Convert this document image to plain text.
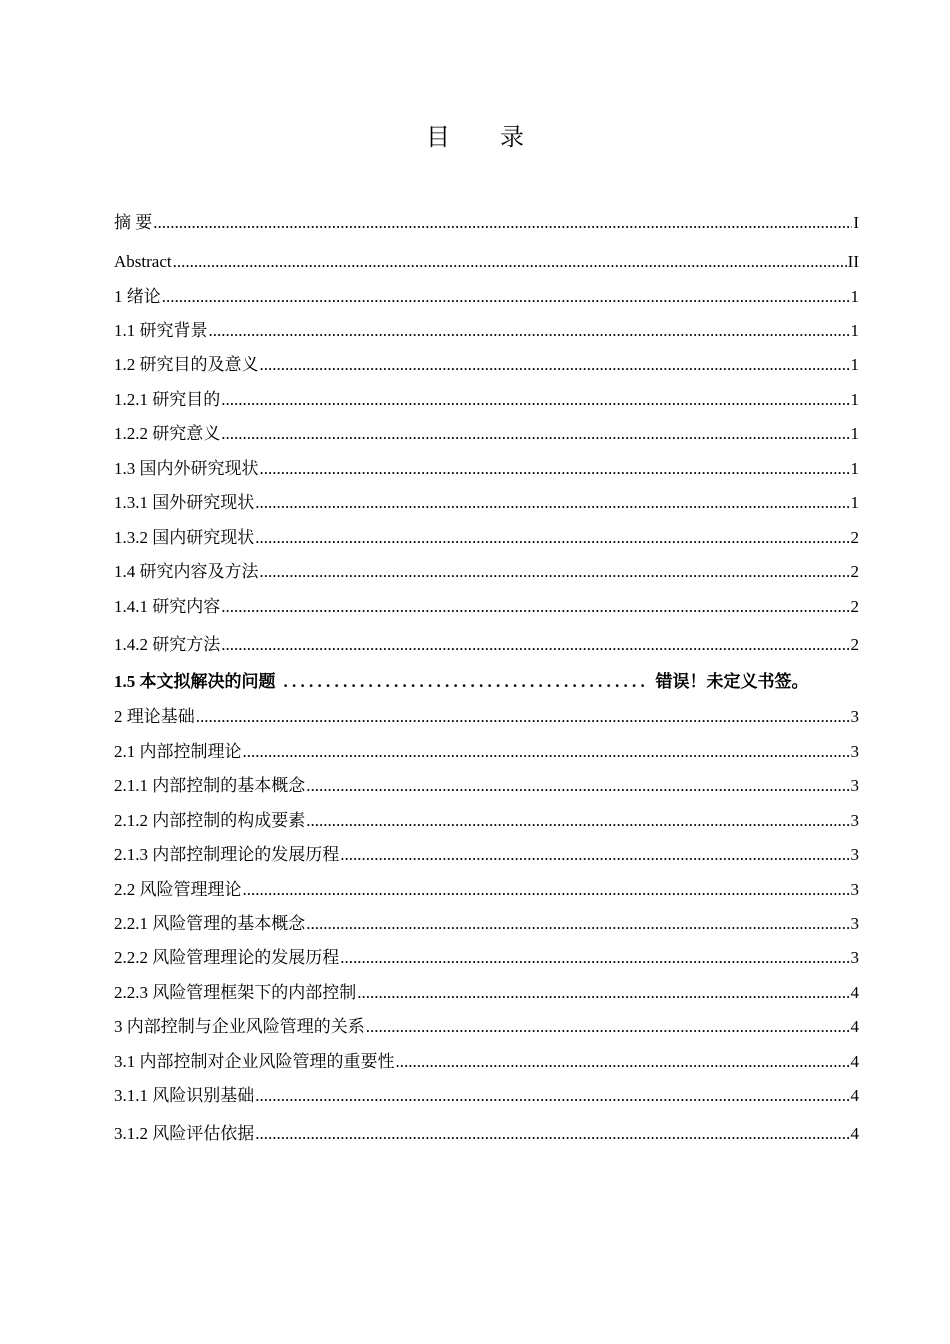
目 录
摘 要 .....	I
Abstract .....	II
1 绪论 .....	1
1.1 研究背景 .....	1
1.2 研究目的及意义 .....	1
1.2.1 研究目的 .....	1
1.2.2 研究意义 .....	1
1.3 国内外研究现状 .....	1
1.3.1 国外研究现状 .....	1
1.3.2 国内研究现状 .....	2
1.4 研究内容及方法 .....	2
1.4.1 研究内容 .....	2
1.4.2 研究方法 .....	2
1.5 本文拟解决的问题 . . .	错误！未定义书签。
2 理论基础 .....	3
2.1 内部控制理论 .....	3
2.1.1 内部控制的基本概念 .....	3
2.1.2 内部控制的构成要素 .....	3
2.1.3 内部控制理论的发展历程 .....	3
2.2 风险管理理论 .....	3
2.2.1 风险管理的基本概念 .....	3
2.2.2 风险管理理论的发展历程 .....	3
2.2.3 风险管理框架下的内部控制 .....	4
3 内部控制与企业风险管理的关系 .....	4
3.1 内部控制对企业风险管理的重要性 .....	4
3.1.1 风险识别基础 .....	4
3.1.2 风险评估依据 .....	4
